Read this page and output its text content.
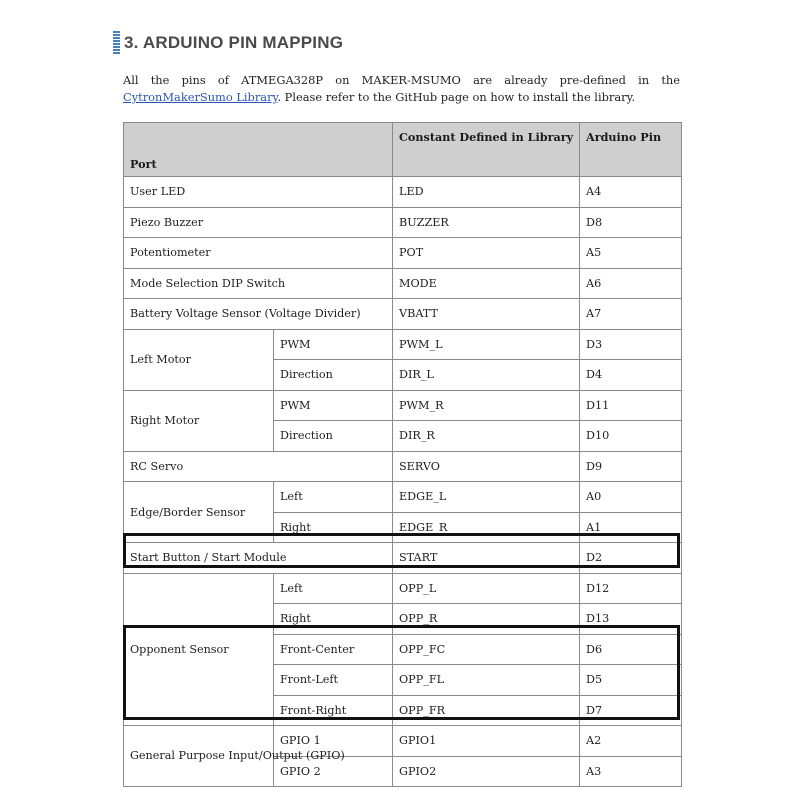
3. ARDUINO PIN MAPPING
All the pins of ATMEGA328P on MAKER-MSUMO are already pre-defined in the
CytronMakerSumo Library. Please refer to the GitHub page on how to install the library.
Port		Constant Defined in Library	Arduino Pin
User LED		LED	A4
Piezo Buzzer		BUZZER	D8
Potentiometer		POT	A5
Mode Selection DIP Switch		MODE	A6
Battery Voltage Sensor (Voltage Divider)		VBATT	A7
Left Motor	PWM	PWM_L	D3
	Direction	DIR_L	D4
Right Motor	PWM	PWM_R	D11
	Direction	DIR_R	D10
RC Servo		SERVO	D9
Edge/Border Sensor	Left	EDGE_L	A0
	Right	EDGE_R	A1
Start Button / Start Module		START	D2
Opponent Sensor	Left	OPP_L	D12
	Right	OPP_R	D13
	Front-Center	OPP_FC	D6
	Front-Left	OPP_FL	D5
	Front-Right	OPP_FR	D7
General Purpose Input/Output (GPIO)	GPIO 1	GPIO1	A2
	GPIO 2	GPIO2	A3
